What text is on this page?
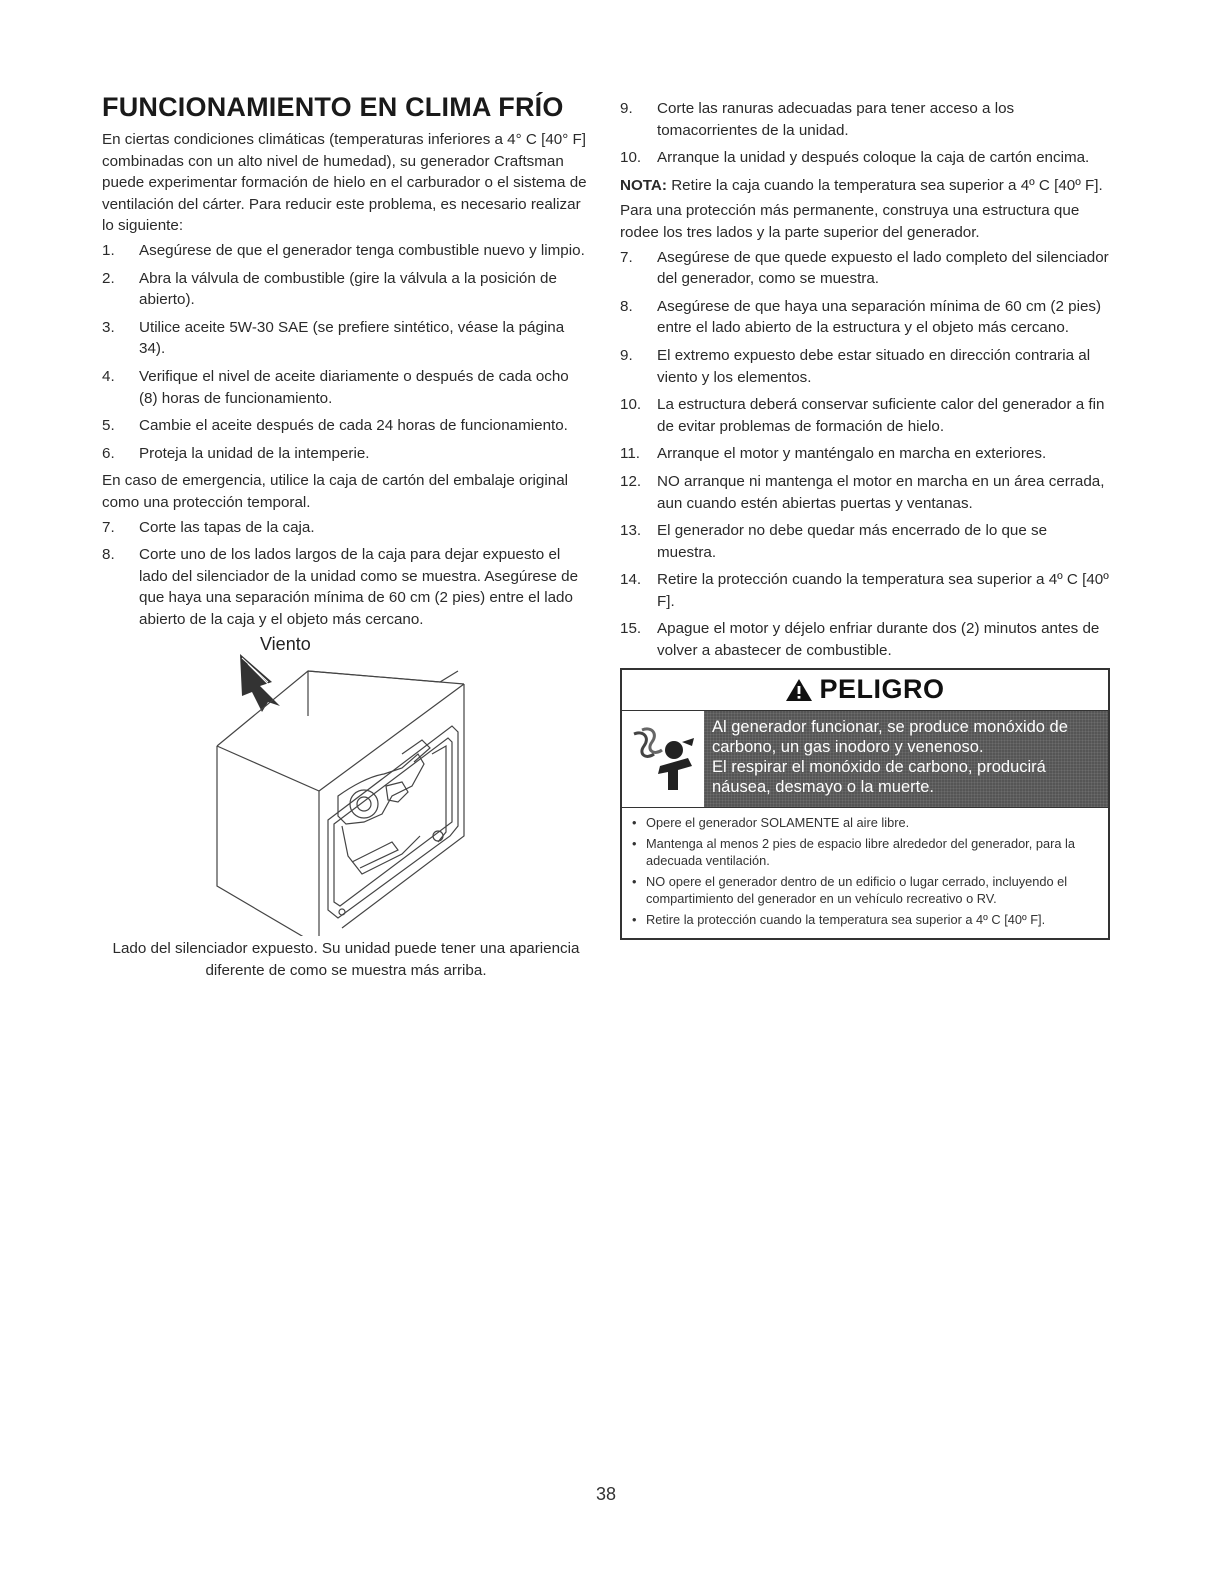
FUNCIONAMIENTO EN CLIMA FRÍO

En ciertas condiciones climáticas (temperaturas inferiores a 4° C [40° F] combinadas con un alto nivel de humedad), su generador Craftsman puede experimentar formación de hielo en el carburador o el sistema de ventilación del cárter. Para reducir este problema, es necesario realizar lo siguiente:

1. Asegúrese de que el generador tenga combustible nuevo y limpio.
2. Abra la válvula de combustible (gire la válvula a la posición de abierto).
3. Utilice aceite 5W-30 SAE (se prefiere sintético, véase la página 34).
4. Verifique el nivel de aceite diariamente o después de cada ocho (8) horas de funcionamiento.
5. Cambie el aceite después de cada 24 horas de funcionamiento.
6. Proteja la unidad de la intemperie.

En caso de emergencia, utilice la caja de cartón del embalaje original como una protección temporal.

7. Corte las tapas de la caja.
8. Corte uno de los lados largos de la caja para dejar expuesto el lado del silenciador de la unidad como se muestra. Asegúrese de que haya una separación mínima de 60 cm (2 pies) entre el lado abierto de la caja y el objeto más cercano.
Viento

Lado del silenciador expuesto. Su unidad puede tener una apariencia diferente de como se muestra más arriba.

9. Corte las ranuras adecuadas para tener acceso a los tomacorrientes de la unidad.
10. Arranque la unidad y después coloque la caja de cartón encima.

NOTA: Retire la caja cuando la temperatura sea superior a 4º C [40º F].

Para una protección más permanente, construya una estructura que rodee los tres lados y la parte superior del generador.

7. Asegúrese de que quede expuesto el lado completo del silenciador del generador, como se muestra.
8. Asegúrese de que haya una separación mínima de 60 cm (2 pies) entre el lado abierto de la estructura y el objeto más cercano.
9. El extremo expuesto debe estar situado en dirección contraria al viento y los elementos.
10. La estructura deberá conservar suficiente calor del generador a fin de evitar problemas de formación de hielo.
11. Arranque el motor y manténgalo en marcha en exteriores.
12. NO arranque ni mantenga el motor en marcha en un área cerrada, aun cuando estén abiertas puertas y ventanas.
13. El generador no debe quedar más encerrado de lo que se muestra.
14. Retire la protección cuando la temperatura sea superior a 4º C [40º F].
15. Apague el motor y déjelo enfriar durante dos (2) minutos antes de volver a abastecer de combustible.
PELIGRO

Al generador funcionar, se produce monóxido de carbono, un gas inodoro y venenoso.

El respirar el monóxido de carbono, producirá náusea, desmayo o la muerte.

• Opere el generador SOLAMENTE al aire libre.
• Mantenga al menos 2 pies de espacio libre alrededor del generador, para la adecuada ventilación.
• NO opere el generador dentro de un edificio o lugar cerrado, incluyendo el compartimiento del generador en un vehículo recreativo o RV.
• Retire la protección cuando la temperatura sea superior a 4º C [40º F].
38
